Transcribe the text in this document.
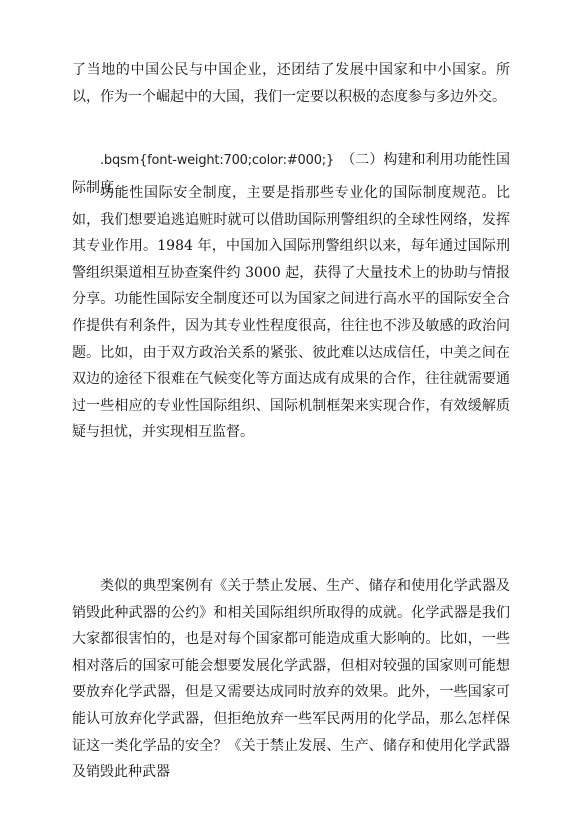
了当地的中国公民与中国企业，还团结了发展中国家和中小国家。所以，作为一个崛起中的大国，我们一定要以积极的态度参与多边外交。

.bqsm{font-weight:700;color:#000;}　 （二）构建和利用功能性国际制度

功能性国际安全制度，主要是指那些专业化的国际制度规范。比如，我们想要追逃追赃时就可以借助国际刑警组织的全球性网络，发挥其专业作用。1984 年，中国加入国际刑警组织以来，每年通过国际刑警组织渠道相互协查案件约 3000 起，获得了大量技术上的协助与情报分享。功能性国际安全制度还可以为国家之间进行高水平的国际安全合作提供有利条件，因为其专业性程度很高，往往也不涉及敏感的政治问题。比如，由于双方政治关系的紧张、彼此难以达成信任，中美之间在双边的途径下很难在气候变化等方面达成有成果的合作，往往就需要通过一些相应的专业性国际组织、国际机制框架来实现合作，有效缓解质疑与担忧，并实现相互监督。

类似的典型案例有《关于禁止发展、生产、储存和使用化学武器及销毁此种武器的公约》和相关国际组织所取得的成就。化学武器是我们大家都很害怕的，也是对每个国家都可能造成重大影响的。比如，一些相对落后的国家可能会想要发展化学武器，但相对较强的国家则可能想要放弃化学武器，但是又需要达成同时放弃的效果。此外，一些国家可能认可放弃化学武器，但拒绝放弃一些军民两用的化学品，那么怎样保证这一类化学品的安全？《关于禁止发展、生产、储存和使用化学武器及销毁此种武器
